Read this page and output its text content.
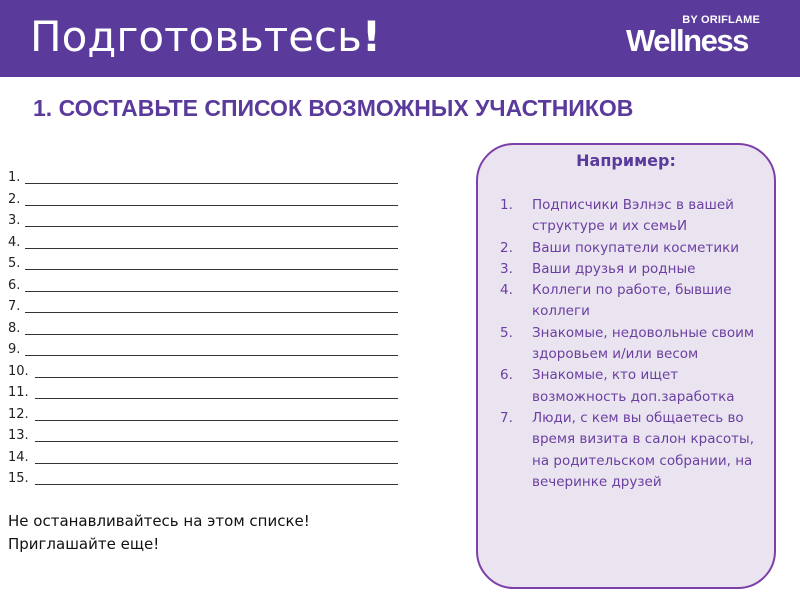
Подготовьтесь!	BY ORIFLAME
Wellness
1. СОСТАВЬТЕ СПИСОК ВОЗМОЖНЫХ УЧАСТНИКОВ
1.
2.
3.
4.
5.
6.
7.
8.
9.
10.
11.
12.
13.
14.
15.
Не останавливайтесь на этом списке!
Приглашайте еще!
Например:
1. Подписчики Вэлнэс в вашей структуре и их семьИ
2. Ваши покупатели косметики
3. Ваши друзья и родные
4. Коллеги по работе, бывшие коллеги
5. Знакомые, недовольные своим здоровьем и/или весом
6. Знакомые, кто ищет возможность доп.заработка
7. Люди, с кем вы общаетесь во время визита в салон красоты, на родительском собрании, на вечеринке друзей
